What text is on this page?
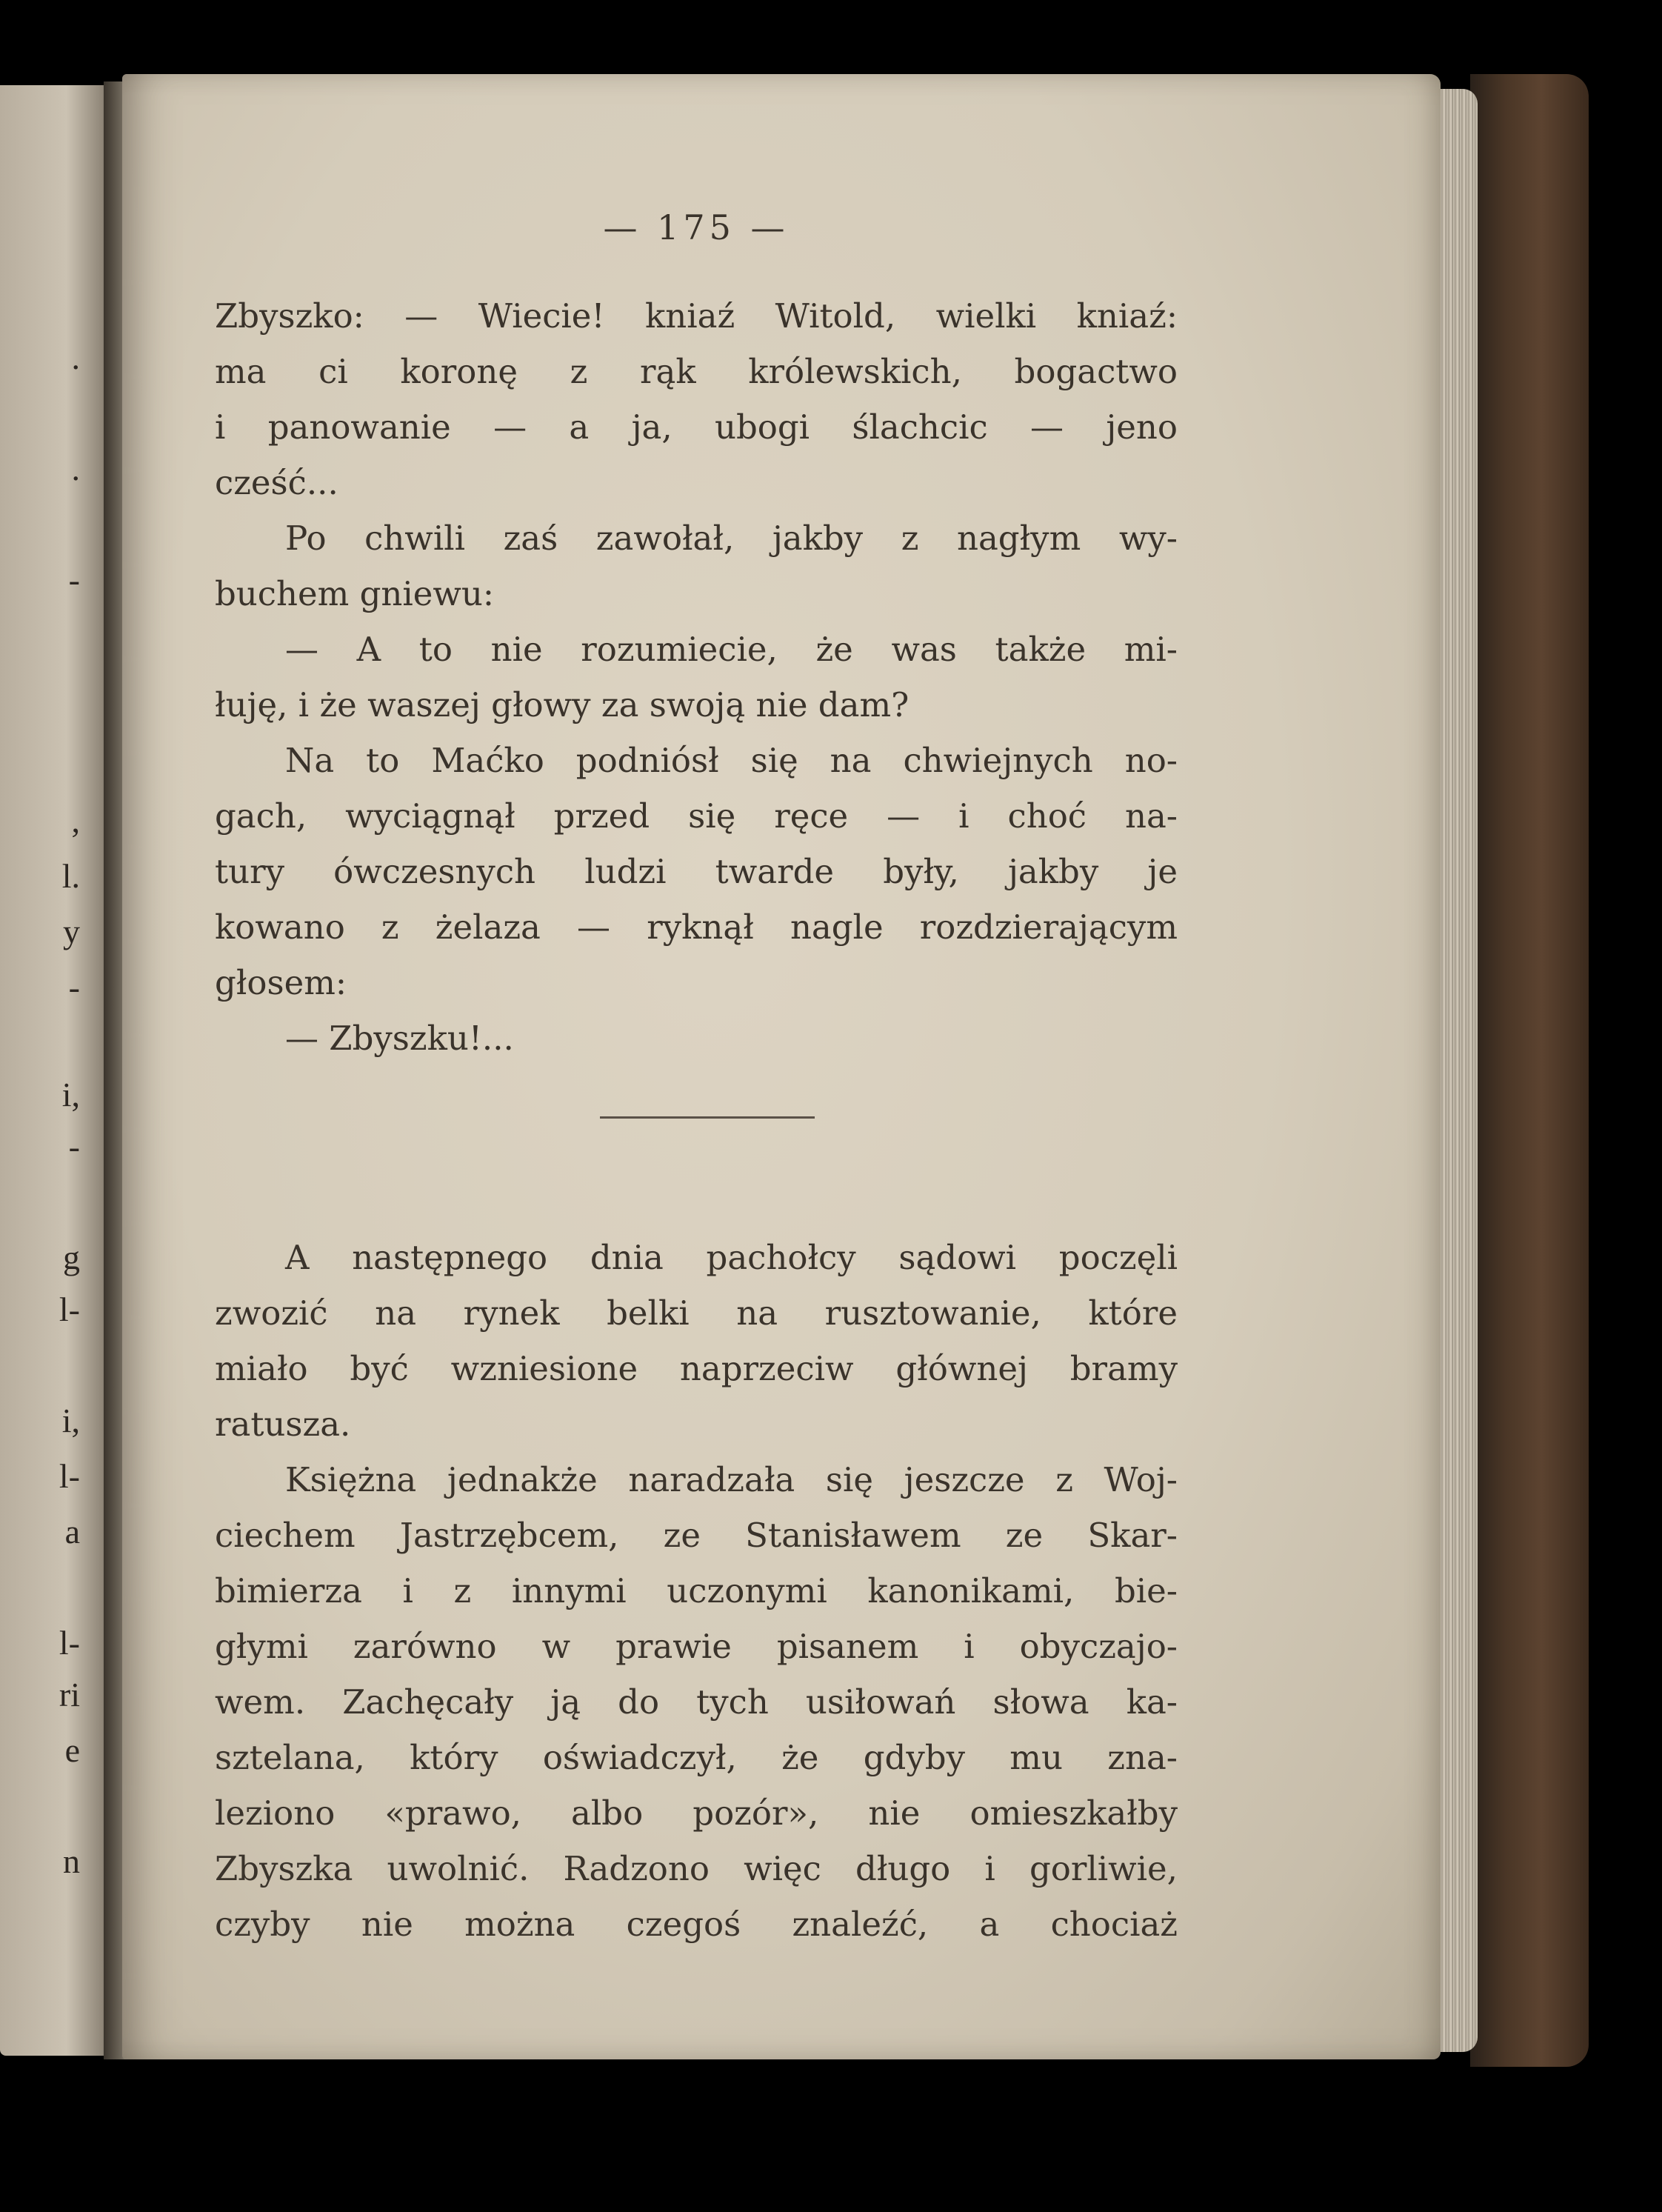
.
.
-
,
l.
y
-
i,
-
g
l-
i,
l-
a
l-
ri
e
n
— 175 —
Zbyszko: — Wiecie! kniaź Witold, wielki kniaź:
ma ci koronę z rąk królewskich, bogactwo
i panowanie — a ja, ubogi ślachcic — jeno
cześć...
Po chwili zaś zawołał, jakby z nagłym wy-
buchem gniewu:
— A to nie rozumiecie, że was także mi-
łuję, i że waszej głowy za swoją nie dam?
Na to Maćko podniósł się na chwiejnych no-
gach, wyciągnął przed się ręce — i choć na-
tury ówczesnych ludzi twarde były, jakby je
kowano z żelaza — ryknął nagle rozdzierającym
głosem:
— Zbyszku!...
A następnego dnia pachołcy sądowi poczęli
zwozić na rynek belki na rusztowanie, które
miało być wzniesione naprzeciw głównej bramy
ratusza.
Księżna jednakże naradzała się jeszcze z Woj-
ciechem Jastrzębcem, ze Stanisławem ze Skar-
bimierza i z innymi uczonymi kanonikami, bie-
głymi zarówno w prawie pisanem i obyczajo-
wem. Zachęcały ją do tych usiłowań słowa ka-
sztelana, który oświadczył, że gdyby mu zna-
leziono «prawo, albo pozór», nie omieszkałby
Zbyszka uwolnić. Radzono więc długo i gorliwie,
czyby nie można czegoś znaleźć, a chociaż
